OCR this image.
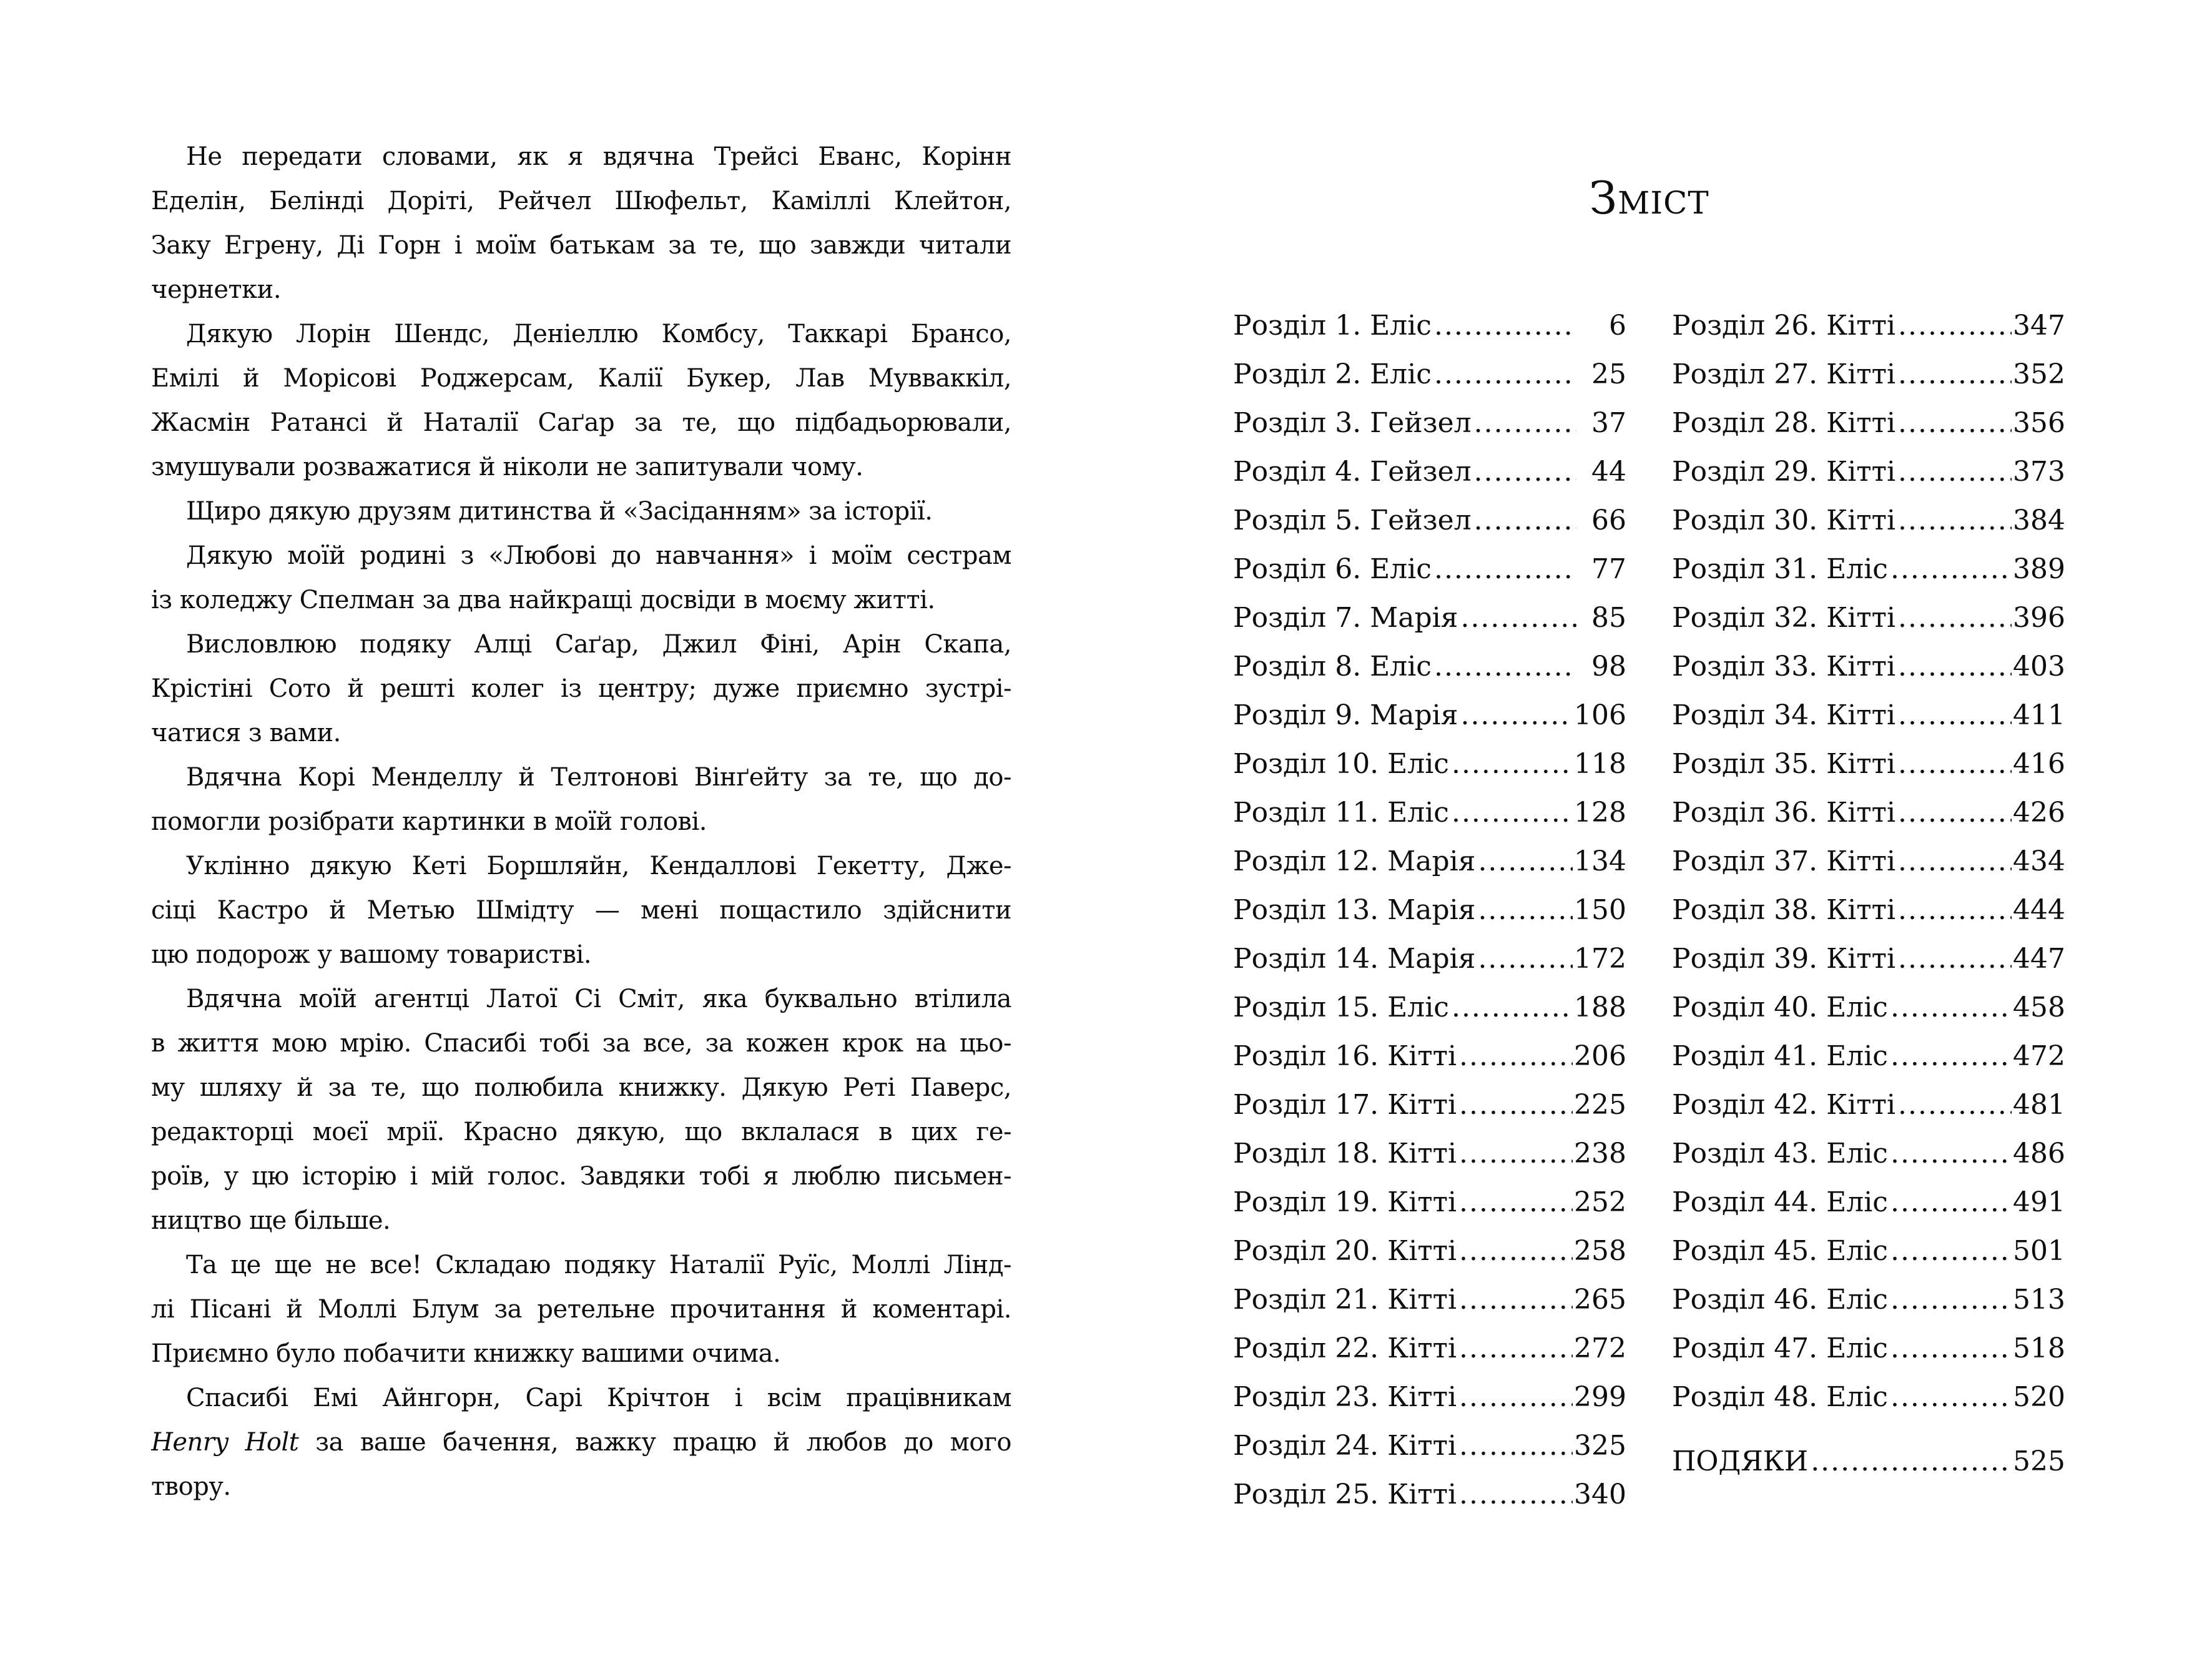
Не передати словами, як я вдячна Трейсі Еванс, Корінн
Еделін, Белінді Доріті, Рейчел Шюфельт, Каміллі Клейтон,
Заку Егрену, Ді Горн і моїм батькам за те, що завжди читали
чернетки.
Дякую Лорін Шендс, Деніеллю Комбсу, Таккарі Брансо,
Емілі й Морісові Роджерсам, Калії Букер, Лав Мувваккіл,
Жасмін Ратансі й Наталії Саґар за те, що підбадьорювали,
змушували розважатися й ніколи не запитували чому.
Щиро дякую друзям дитинства й «Засіданням» за історії.
Дякую моїй родині з «Любові до навчання» і моїм сестрам
із коледжу Спелман за два найкращі досвіди в моєму житті.
Висловлюю подяку Алці Саґар, Джил Фіні, Арін Скапа,
Крістіні Сото й решті колег із центру; дуже приємно зустрі-
чатися з вами.
Вдячна Корі Менделлу й Телтонові Вінґейту за те, що до-
помогли розібрати картинки в моїй голові.
Уклінно дякую Кеті Боршляйн, Кендаллові Гекетту, Дже-
сіці Кастро й Метью Шмідту — мені пощастило здійснити
цю подорож у вашому товаристві.
Вдячна моїй агентці Латої Сі Сміт, яка буквально втілила
в життя мою мрію. Спасибі тобі за все, за кожен крок на цьо-
му шляху й за те, що полюбила книжку. Дякую Реті Паверс,
редакторці моєї мрії. Красно дякую, що вклалася в цих ге-
роїв, у цю історію і мій голос. Завдяки тобі я люблю письмен-
ництво ще більше.
Та це ще не все! Складаю подяку Наталії Руїс, Моллі Лінд-
лі Пісані й Моллі Блум за ретельне прочитання й коментарі.
Приємно було побачити книжку вашими очима.
Спасибі Емі Айнгорн, Сарі Крічтон і всім працівникам
Henry Holt за ваше бачення, важку працю й любов до мого
твору.
Зміст
Розділ 1. Еліс .....	6
Розділ 2. Еліс .....	25
Розділ 3. Гейзел .....	37
Розділ 4. Гейзел .....	44
Розділ 5. Гейзел .....	66
Розділ 6. Еліс .....	77
Розділ 7. Марія .....	85
Розділ 8. Еліс .....	98
Розділ 9. Марія .....	106
Розділ 10. Еліс .....	118
Розділ 11. Еліс .....	128
Розділ 12. Марія .....	134
Розділ 13. Марія .....	150
Розділ 14. Марія .....	172
Розділ 15. Еліс .....	188
Розділ 16. Кітті .....	206
Розділ 17. Кітті .....	225
Розділ 18. Кітті .....	238
Розділ 19. Кітті .....	252
Розділ 20. Кітті .....	258
Розділ 21. Кітті .....	265
Розділ 22. Кітті .....	272
Розділ 23. Кітті .....	299
Розділ 24. Кітті .....	325
Розділ 25. Кітті .....	340
Розділ 26. Кітті .....	347
Розділ 27. Кітті .....	352
Розділ 28. Кітті .....	356
Розділ 29. Кітті .....	373
Розділ 30. Кітті .....	384
Розділ 31. Еліс .....	389
Розділ 32. Кітті .....	396
Розділ 33. Кітті .....	403
Розділ 34. Кітті .....	411
Розділ 35. Кітті .....	416
Розділ 36. Кітті .....	426
Розділ 37. Кітті .....	434
Розділ 38. Кітті .....	444
Розділ 39. Кітті .....	447
Розділ 40. Еліс .....	458
Розділ 41. Еліс .....	472
Розділ 42. Кітті .....	481
Розділ 43. Еліс .....	486
Розділ 44. Еліс .....	491
Розділ 45. Еліс .....	501
Розділ 46. Еліс .....	513
Розділ 47. Еліс .....	518
Розділ 48. Еліс .....	520
ПОДЯКИ .....	525
